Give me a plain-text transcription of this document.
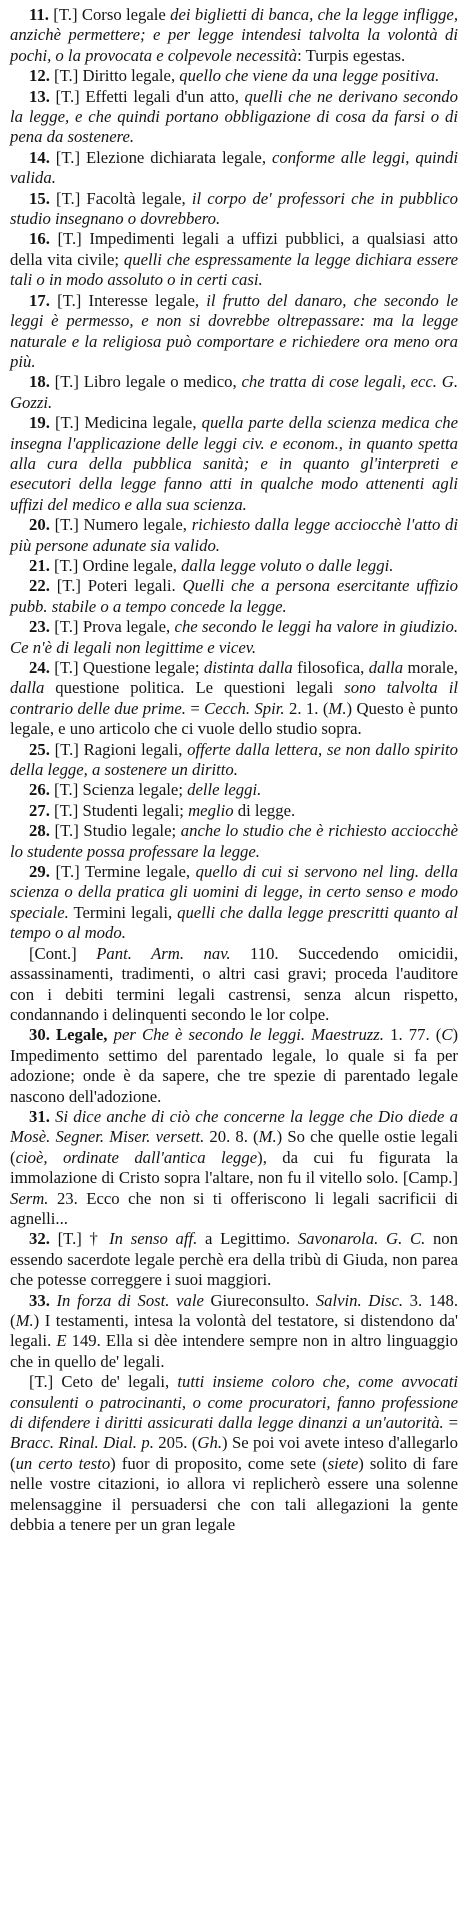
11. [T.] Corso legale dei biglietti di banca, che la legge infligge, anzichè permettere; e per legge intendesi talvolta la volontà di pochi, o la provocata e colpevole necessità: Turpis egestas.

12. [T.] Diritto legale, quello che viene da una legge positiva.

13. [T.] Effetti legali d'un atto, quelli che ne derivano secondo la legge, e che quindi portano obbligazione di cosa da farsi o di pena da sostenere.

14. [T.] Elezione dichiarata legale, conforme alle leggi, quindi valida.

15. [T.] Facoltà legale, il corpo de' professori che in pubblico studio insegnano o dovrebbero.

16. [T.] Impedimenti legali a uffizi pubblici, a qualsiasi atto della vita civile; quelli che espressamente la legge dichiara essere tali o in modo assoluto o in certi casi.

17. [T.] Interesse legale, il frutto del danaro, che secondo le leggi è permesso, e non si dovrebbe oltrepassare: ma la legge naturale e la religiosa può comportare e richiedere ora meno ora più.

18. [T.] Libro legale o medico, che tratta di cose legali, ecc. G. Gozzi.

19. [T.] Medicina legale, quella parte della scienza medica che insegna l'applicazione delle leggi civ. e econom., in quanto spetta alla cura della pubblica sanità; e in quanto gl'interpreti e esecutori della legge fanno atti in qualche modo attenenti agli uffizi del medico e alla sua scienza.

20. [T.] Numero legale, richiesto dalla legge acciocchè l'atto di più persone adunate sia valido.

21. [T.] Ordine legale, dalla legge voluto o dalle leggi.

22. [T.] Poteri legali. Quelli che a persona esercitante uffizio pubb. stabile o a tempo concede la legge.

23. [T.] Prova legale, che secondo le leggi ha valore in giudizio. Ce n'è di legali non legittime e vicev.

24. [T.] Questione legale; distinta dalla filosofica, dalla morale, dalla questione politica. Le questioni legali sono talvolta il contrario delle due prime. = Cecch. Spir. 2. 1. (M.) Questo è punto legale, e uno articolo che ci vuole dello studio sopra.

25. [T.] Ragioni legali, offerte dalla lettera, se non dallo spirito della legge, a sostenere un diritto.

26. [T.] Scienza legale; delle leggi.

27. [T.] Studenti legali; meglio di legge.

28. [T.] Studio legale; anche lo studio che è richiesto acciocchè lo studente possa professare la legge.

29. [T.] Termine legale, quello di cui si servono nel ling. della scienza o della pratica gli uomini di legge, in certo senso e modo speciale. Termini legali, quelli che dalla legge prescritti quanto al tempo o al modo.

[Cont.] Pant. Arm. nav. 110. Succedendo omicidii, assassinamenti, tradimenti, o altri casi gravi; proceda l'auditore con i debiti termini legali castrensi, senza alcun rispetto, condannando i delinquenti secondo le lor colpe.

30. Legale, per Che è secondo le leggi. Maestruzz. 1. 77. (C) Impedimento settimo del parentado legale, lo quale si fa per adozione; onde è da sapere, che tre spezie di parentado legale nascono dell'adozione.

31. Si dice anche di ciò che concerne la legge che Dio diede a Mosè. Segner. Miser. versett. 20. 8. (M.) So che quelle ostie legali (cioè, ordinate dall'antica legge), da cui fu figurata la immolazione di Cristo sopra l'altare, non fu il vitello solo. [Camp.] Serm. 23. Ecco che non si ti offeriscono li legali sacrificii di agnelli...

32. [T.] † In senso aff. a Legittimo. Savonarola. G. C. non essendo sacerdote legale perchè era della tribù di Giuda, non parea che potesse correggere i suoi maggiori.

33. In forza di Sost. vale Giureconsulto. Salvin. Disc. 3. 148. (M.) I testamenti, intesa la volontà del testatore, si distendono da' legali. E 149. Ella si dèe intendere sempre non in altro linguaggio che in quello de' legali.

[T.] Ceto de' legali, tutti insieme coloro che, come avvocati consulenti o patrocinanti, o come procuratori, fanno professione di difendere i diritti assicurati dalla legge dinanzi a un'autorità. = Bracc. Rinal. Dial. p. 205. (Gh.) Se poi voi avete inteso d'allegarlo (un certo testo) fuor di proposito, come sete (siete) solito di fare nelle vostre citazioni, io allora vi replicherò essere una solenne melensaggine il persuadersi che con tali allegazioni la gente debbia a tenere per un gran legale
